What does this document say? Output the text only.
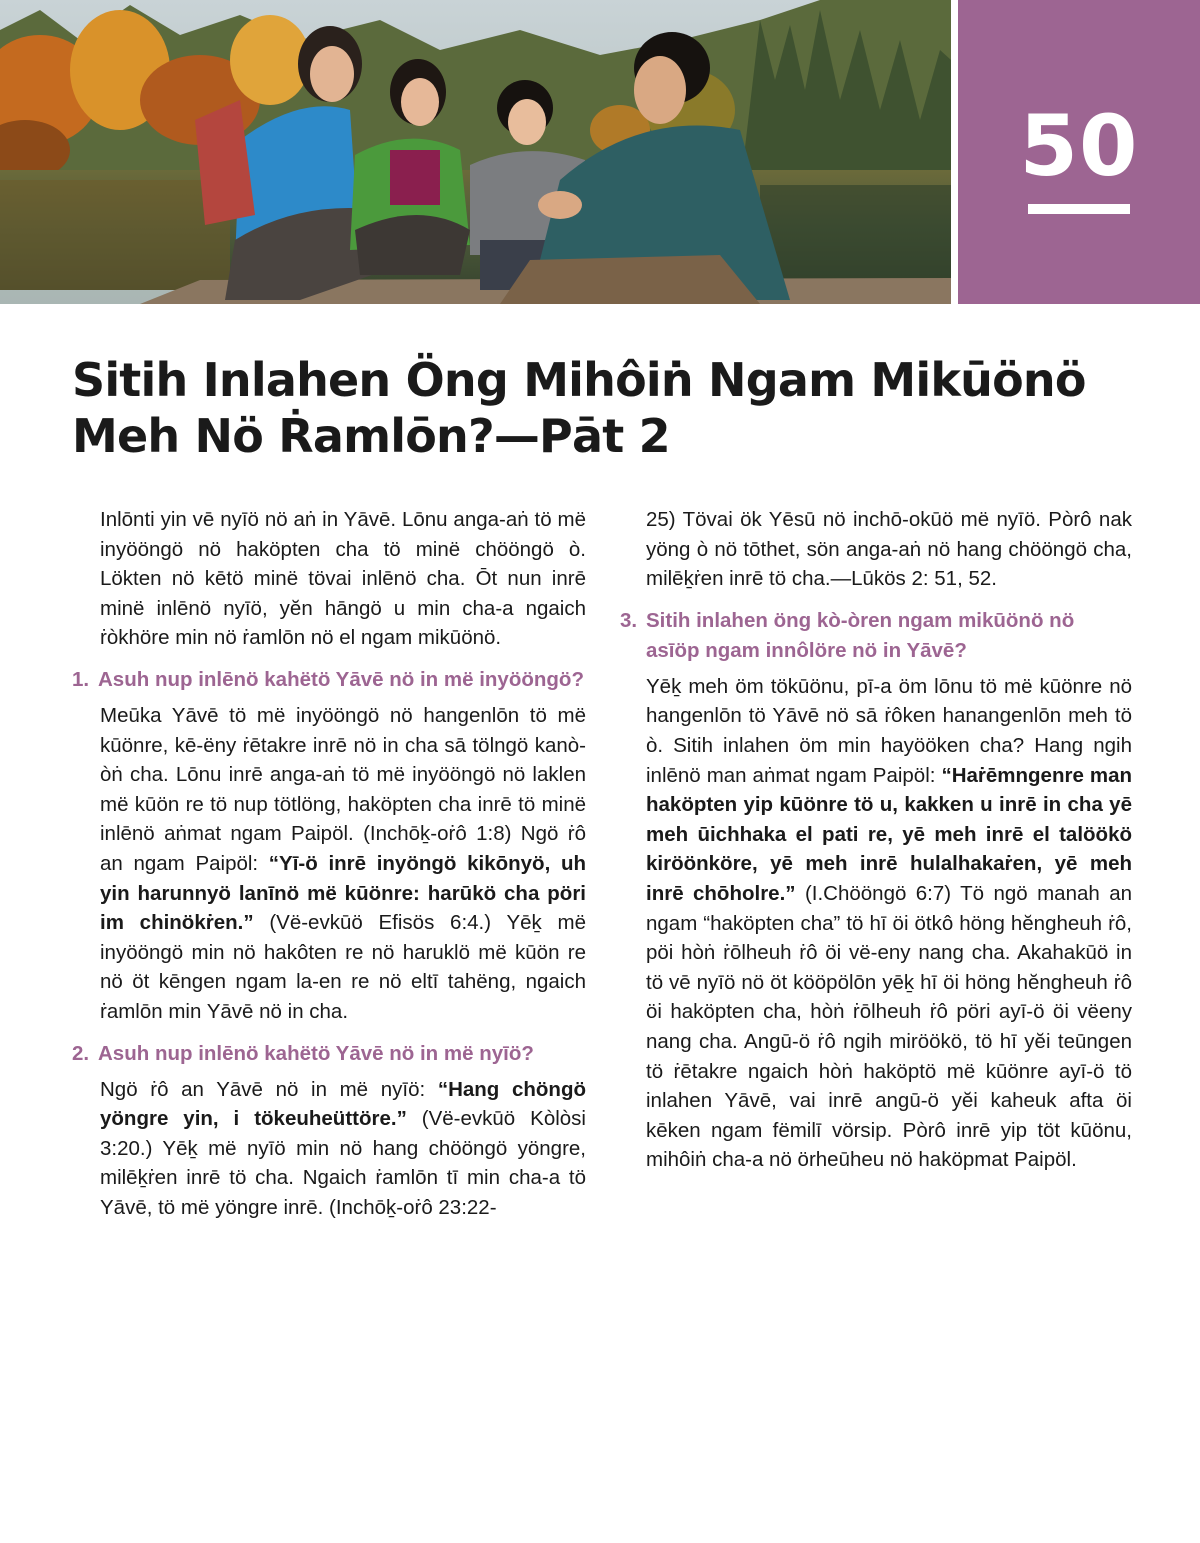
50
Sitih Inlahen Öng Mihôiṅ Ngam Mikūönö
Meh Nö Ṙamlōn?—Pāt 2

Inlōnti yin vē nyīö nö aṅ in Yāvē. Lōnu anga-aṅ tö më inyööngö nö haköpten cha tö minë chööngö ò. Lökten nö kētö minë tövai inlēnö cha. Ōt nun inrē minë inlēnö nyīö, yĕn hāngö u min cha-a ngaich ṙòkhöre min nö ṙamlōn nö el ngam mikūönö.

1. Asuh nup inlēnö kahëtö Yāvē nö in më inyööngö?

Meūka Yāvē tö më inyööngö nö hangenlōn tö më kūönre, kē-ëny ṙētakre inrē nö in cha sā tölngö kanò-òṅ cha. Lōnu inrē anga-aṅ tö më inyööngö nö laklen më kūön re tö nup tötlöng, haköpten cha inrē tö minë inlēnö aṅmat ngam Paipöl. (Inchōḵ-oṙô 1:8) Ngö ṙô an ngam Paipöl: “Yī-ö inrē inyöngö kikōnyö, uh yin harunnyö lanīnö më kūönre: harūkö cha pöri im chinökṙen.” (Vë-evkūö Efisös 6:4.) Yēḵ më inyööngö min nö hakôten re nö haruklö më kūön re nö öt kēngen ngam la-en re nö eltī tahëng, ngaich ṙamlōn min Yāvē nö in cha.

2. Asuh nup inlēnö kahëtö Yāvē nö in më nyīö?

Ngö ṙô an Yāvē nö in më nyīö: “Hang chöngö yöngre yin, i tökeuheüttöre.” (Vë-evkūö Kòlòsi 3:20.) Yēḵ më nyīö min nö hang chööngö yöngre, milēḵṙen inrē tö cha. Ngaich ṙamlōn tī min cha-a tö Yāvē, tö më yöngre inrē. (Inchōḵ-oṙô 23:22-

25) Tövai ök Yēsū nö inchō-okūö më nyīö. Pòrô nak yöng ò nö tōthet, sön anga-aṅ nö hang chööngö cha, milēḵṙen inrē tö cha.—Lūkös 2: 51, 52.

3. Sitih inlahen öng kò-òren ngam mikūönö nö asīöp ngam innôlöre nö in Yāvē?

Yēḵ meh öm tökūönu, pī-a öm lōnu tö më kūönre nö hangenlōn tö Yāvē nö sā ṙôken hanangenlōn meh tö ò. Sitih inlahen öm min hayööken cha? Hang ngih inlēnö man aṅmat ngam Paipöl: “Haṙēmngenre man haköpten yip kūönre tö u, kakken u inrē in cha yē meh ūichhaka el pati re, yē meh inrē el talöökö kiröönköre, yē meh inrē hulalhakaṙen, yē meh inrē chōholre.” (I.Chööngö 6:7) Tö ngö manah an ngam “haköpten cha” tö hī öi ötkô höng hĕngheuh ṙô, pöi hòṅ ṙōlheuh ṙô öi vë-eny nang cha. Akahakūö in tö vē nyīö nö öt kööpölōn yēḵ hī öi höng hĕngheuh ṙô öi haköpten cha, hòṅ ṙōlheuh ṙô pöri ayī-ö öi vëeny nang cha. Angū-ö ṙô ngih miröökö, tö hī yĕi teūngen tö ṙētakre ngaich hòṅ haköptö më kūönre ayī-ö tö inlahen Yāvē, vai inrē angū-ö yĕi kaheuk afta öi kēken ngam fëmilī vörsip. Pòrô inrē yip töt kūönu, mihôiṅ cha-a nö örheūheu nö haköpmat Paipöl.
